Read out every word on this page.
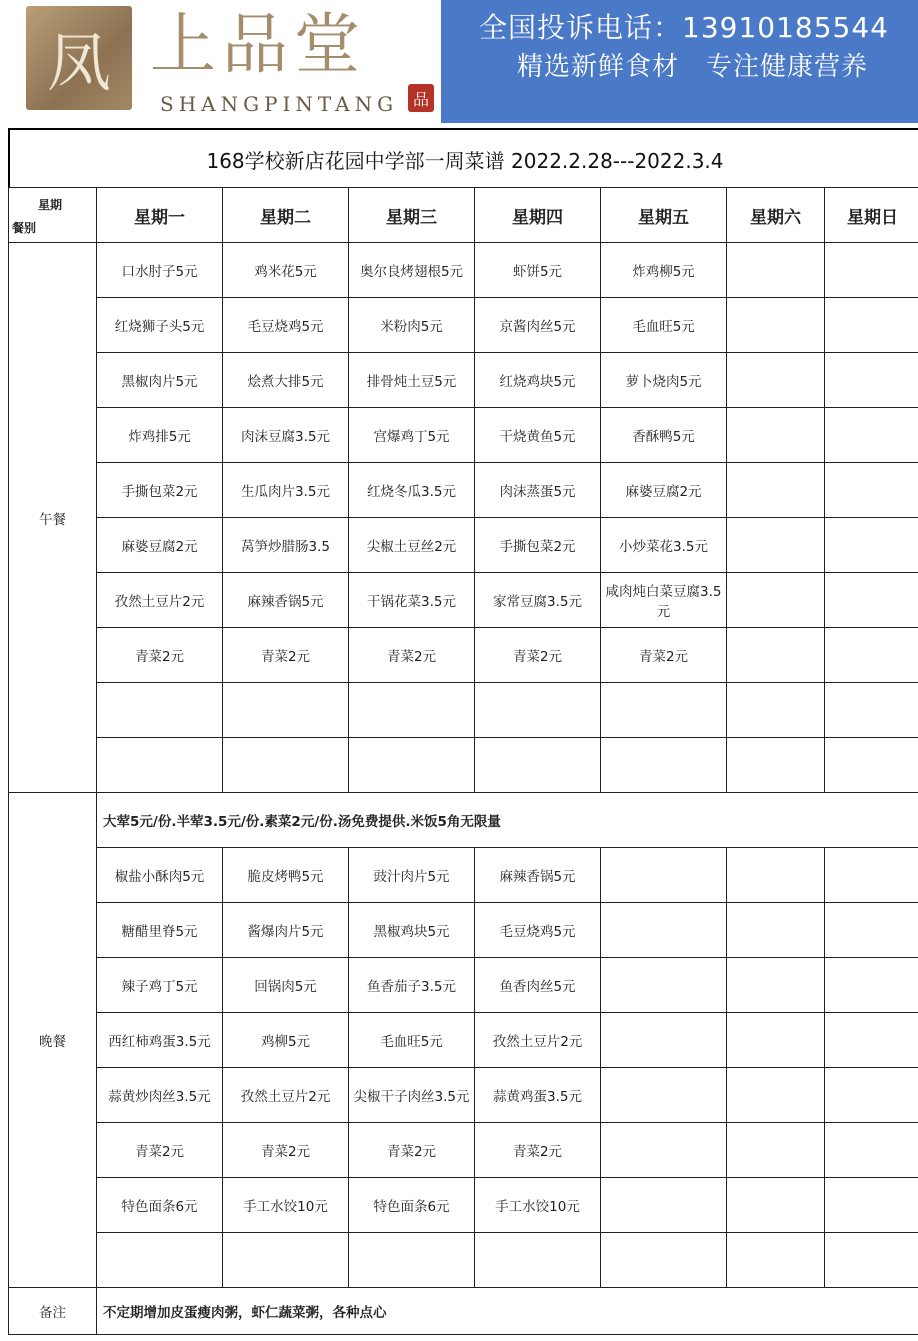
凤 上品堂
SHANGPINTANG 品
全国投诉电话：13910185544
精选新鲜食材　专注健康营养
168学校新店花园中学部一周菜谱 2022.2.28---2022.3.4
星期
餐别	星期一	星期二	星期三	星期四	星期五	星期六	星期日
午餐	口水肘子5元	鸡米花5元	奥尔良烤翅根5元	虾饼5元	炸鸡柳5元		
	红烧狮子头5元	毛豆烧鸡5元	米粉肉5元	京酱肉丝5元	毛血旺5元		
	黑椒肉片5元	烩煮大排5元	排骨炖土豆5元	红烧鸡块5元	萝卜烧肉5元		
	炸鸡排5元	肉沫豆腐3.5元	宫爆鸡丁5元	干烧黄鱼5元	香酥鸭5元		
	手撕包菜2元	生瓜肉片3.5元	红烧冬瓜3.5元	肉沫蒸蛋5元	麻婆豆腐2元		
	麻婆豆腐2元	莴笋炒腊肠3.5	尖椒土豆丝2元	手撕包菜2元	小炒菜花3.5元		
	孜然土豆片2元	麻辣香锅5元	干锅花菜3.5元	家常豆腐3.5元	咸肉炖白菜豆腐3.5元		
	青菜2元	青菜2元	青菜2元	青菜2元	青菜2元		

晚餐	大荤5元/份.半荤3.5元/份.素菜2元/份.汤免费提供.米饭5角无限量						
	椒盐小酥肉5元	脆皮烤鸭5元	豉汁肉片5元	麻辣香锅5元			
	糖醋里脊5元	酱爆肉片5元	黑椒鸡块5元	毛豆烧鸡5元			
	辣子鸡丁5元	回锅肉5元	鱼香茄子3.5元	鱼香肉丝5元			
	西红柿鸡蛋3.5元	鸡柳5元	毛血旺5元	孜然土豆片2元			
	蒜黄炒肉丝3.5元	孜然土豆片2元	尖椒干子肉丝3.5元	蒜黄鸡蛋3.5元			
	青菜2元	青菜2元	青菜2元	青菜2元			
	特色面条6元	手工水饺10元	特色面条6元	手工水饺10元			

备注	不定期增加皮蛋瘦肉粥，虾仁蔬菜粥，各种点心						
